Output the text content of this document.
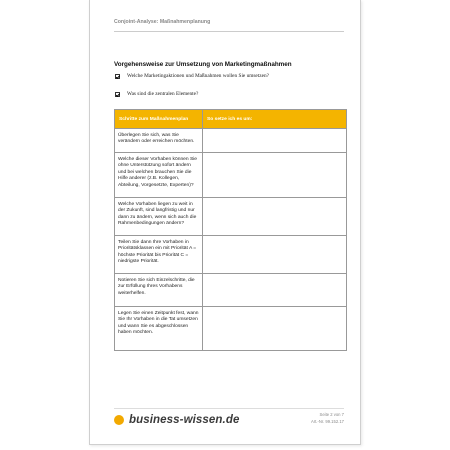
Conjoint-Analyse: Maßnahmenplanung
Vorgehensweise zur Umsetzung von Marketingmaßnahmen
Welche Marketingaktionen und Maßnahmen wollen Sie umsetzen?
Was sind die zentralen Elemente?
Schritte zum Maßnahmenplan	So setze ich es um:

Überlegen Sie sich, was Sie verändern oder erreichen möchten.	

Welche dieser Vorhaben können Sie ohne Unterstützung sofort ändern und bei welchen brauchen Sie die Hilfe anderer (z.B. Kollegen, Abteilung, Vorgesetzte, Experten)?	

Welche Vorhaben liegen zu weit in der Zukunft, sind langfristig und nur dann zu ändern, wenn sich auch die Rahmenbedingungen ändern?	

Teilen Sie dann Ihre Vorhaben in Prioritätsklassen ein mit Priorität A = höchste Priorität bis Priorität C = niedrigste Priorität.	

Notieren Sie sich Einzelschritte, die zur Erfüllung Ihres Vorhabens weiterhelfen.	

Legen Sie einen Zeitpunkt fest, wann Sie Ihr Vorhaben in die Tat umsetzen und wann Sie es abgeschlossen haben möchten.	

business-wissen.de	Seite 2 von 7
Art.-Nr. 99.152.17
